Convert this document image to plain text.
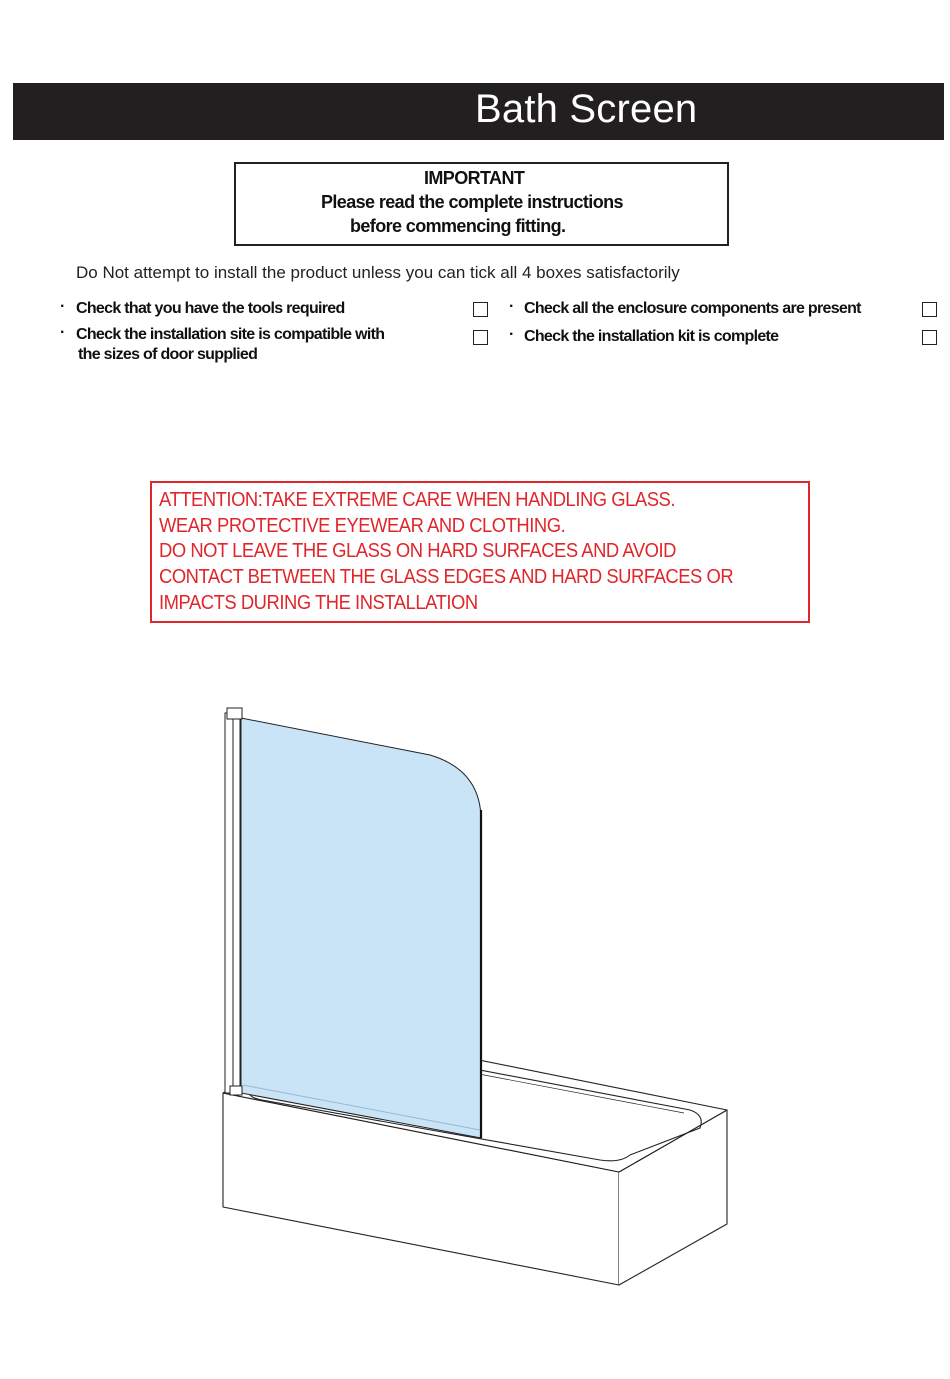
Bath Screen
IMPORTANT
Please read the complete instructions
before commencing fitting.
Do Not attempt to install the product unless you can tick all 4 boxes satisfactorily
· Check that you have the tools required
· Check the installation site is compatible with
the sizes of door supplied
· Check all the enclosure components are present
· Check the installation kit is complete
ATTENTION:TAKE EXTREME CARE WHEN HANDLING GLASS.
WEAR PROTECTIVE EYEWEAR AND CLOTHING.
DO NOT LEAVE THE GLASS ON HARD SURFACES AND AVOID
CONTACT BETWEEN THE GLASS EDGES AND HARD SURFACES OR
IMPACTS DURING THE INSTALLATION
